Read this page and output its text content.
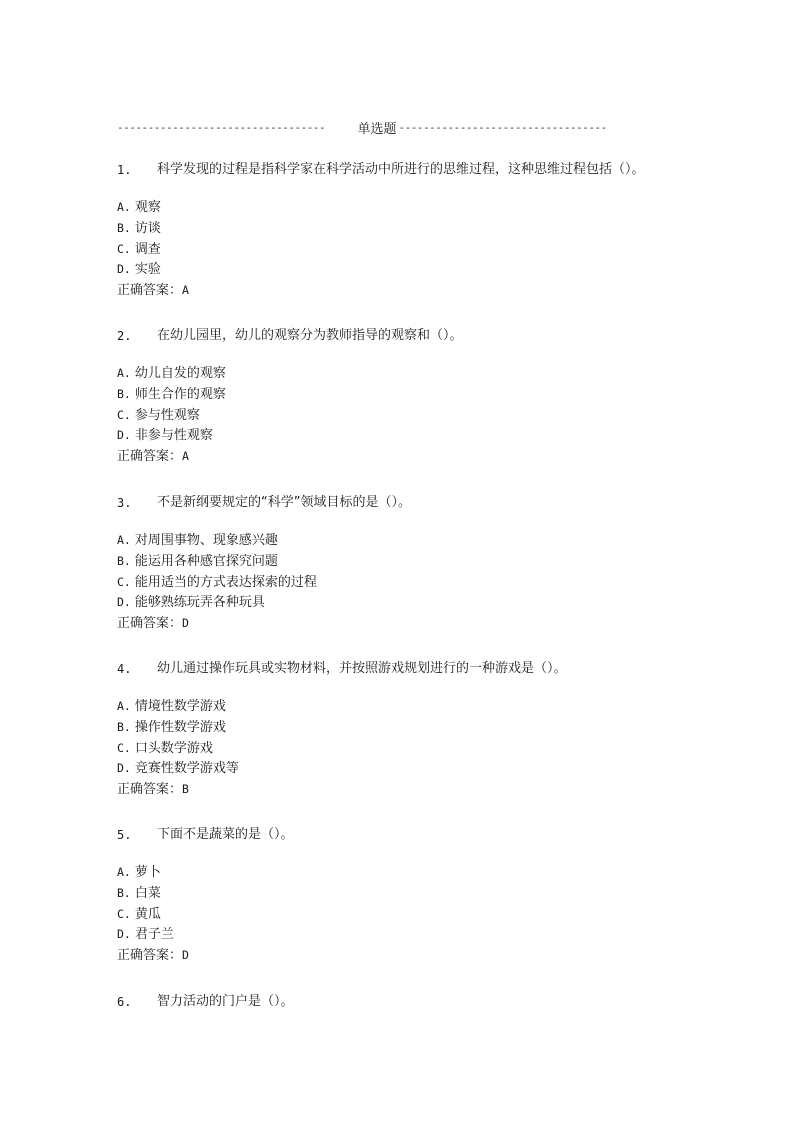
----------------------------------	单选题 ----------------------------------
1.	科学发现的过程是指科学家在科学活动中所进行的思维过程，这种思维过程包括（）。
A. 观察
B. 访谈
C. 调查
D. 实验
正确答案：A
2.	在幼儿园里，幼儿的观察分为教师指导的观察和（）。
A. 幼儿自发的观察
B. 师生合作的观察
C. 参与性观察
D. 非参与性观察
正确答案：A
3.	不是新纲要规定的“科学”领域目标的是（）。
A. 对周围事物、现象感兴趣
B. 能运用各种感官探究问题
C. 能用适当的方式表达探索的过程
D. 能够熟练玩弄各种玩具
正确答案：D
4.	幼儿通过操作玩具或实物材料，并按照游戏规划进行的一种游戏是（）。
A. 情境性数学游戏
B. 操作性数学游戏
C. 口头数学游戏
D. 竞赛性数学游戏等
正确答案：B
5.	下面不是蔬菜的是（）。
A. 萝卜
B. 白菜
C. 黄瓜
D. 君子兰
正确答案：D
6.	智力活动的门户是（）。
